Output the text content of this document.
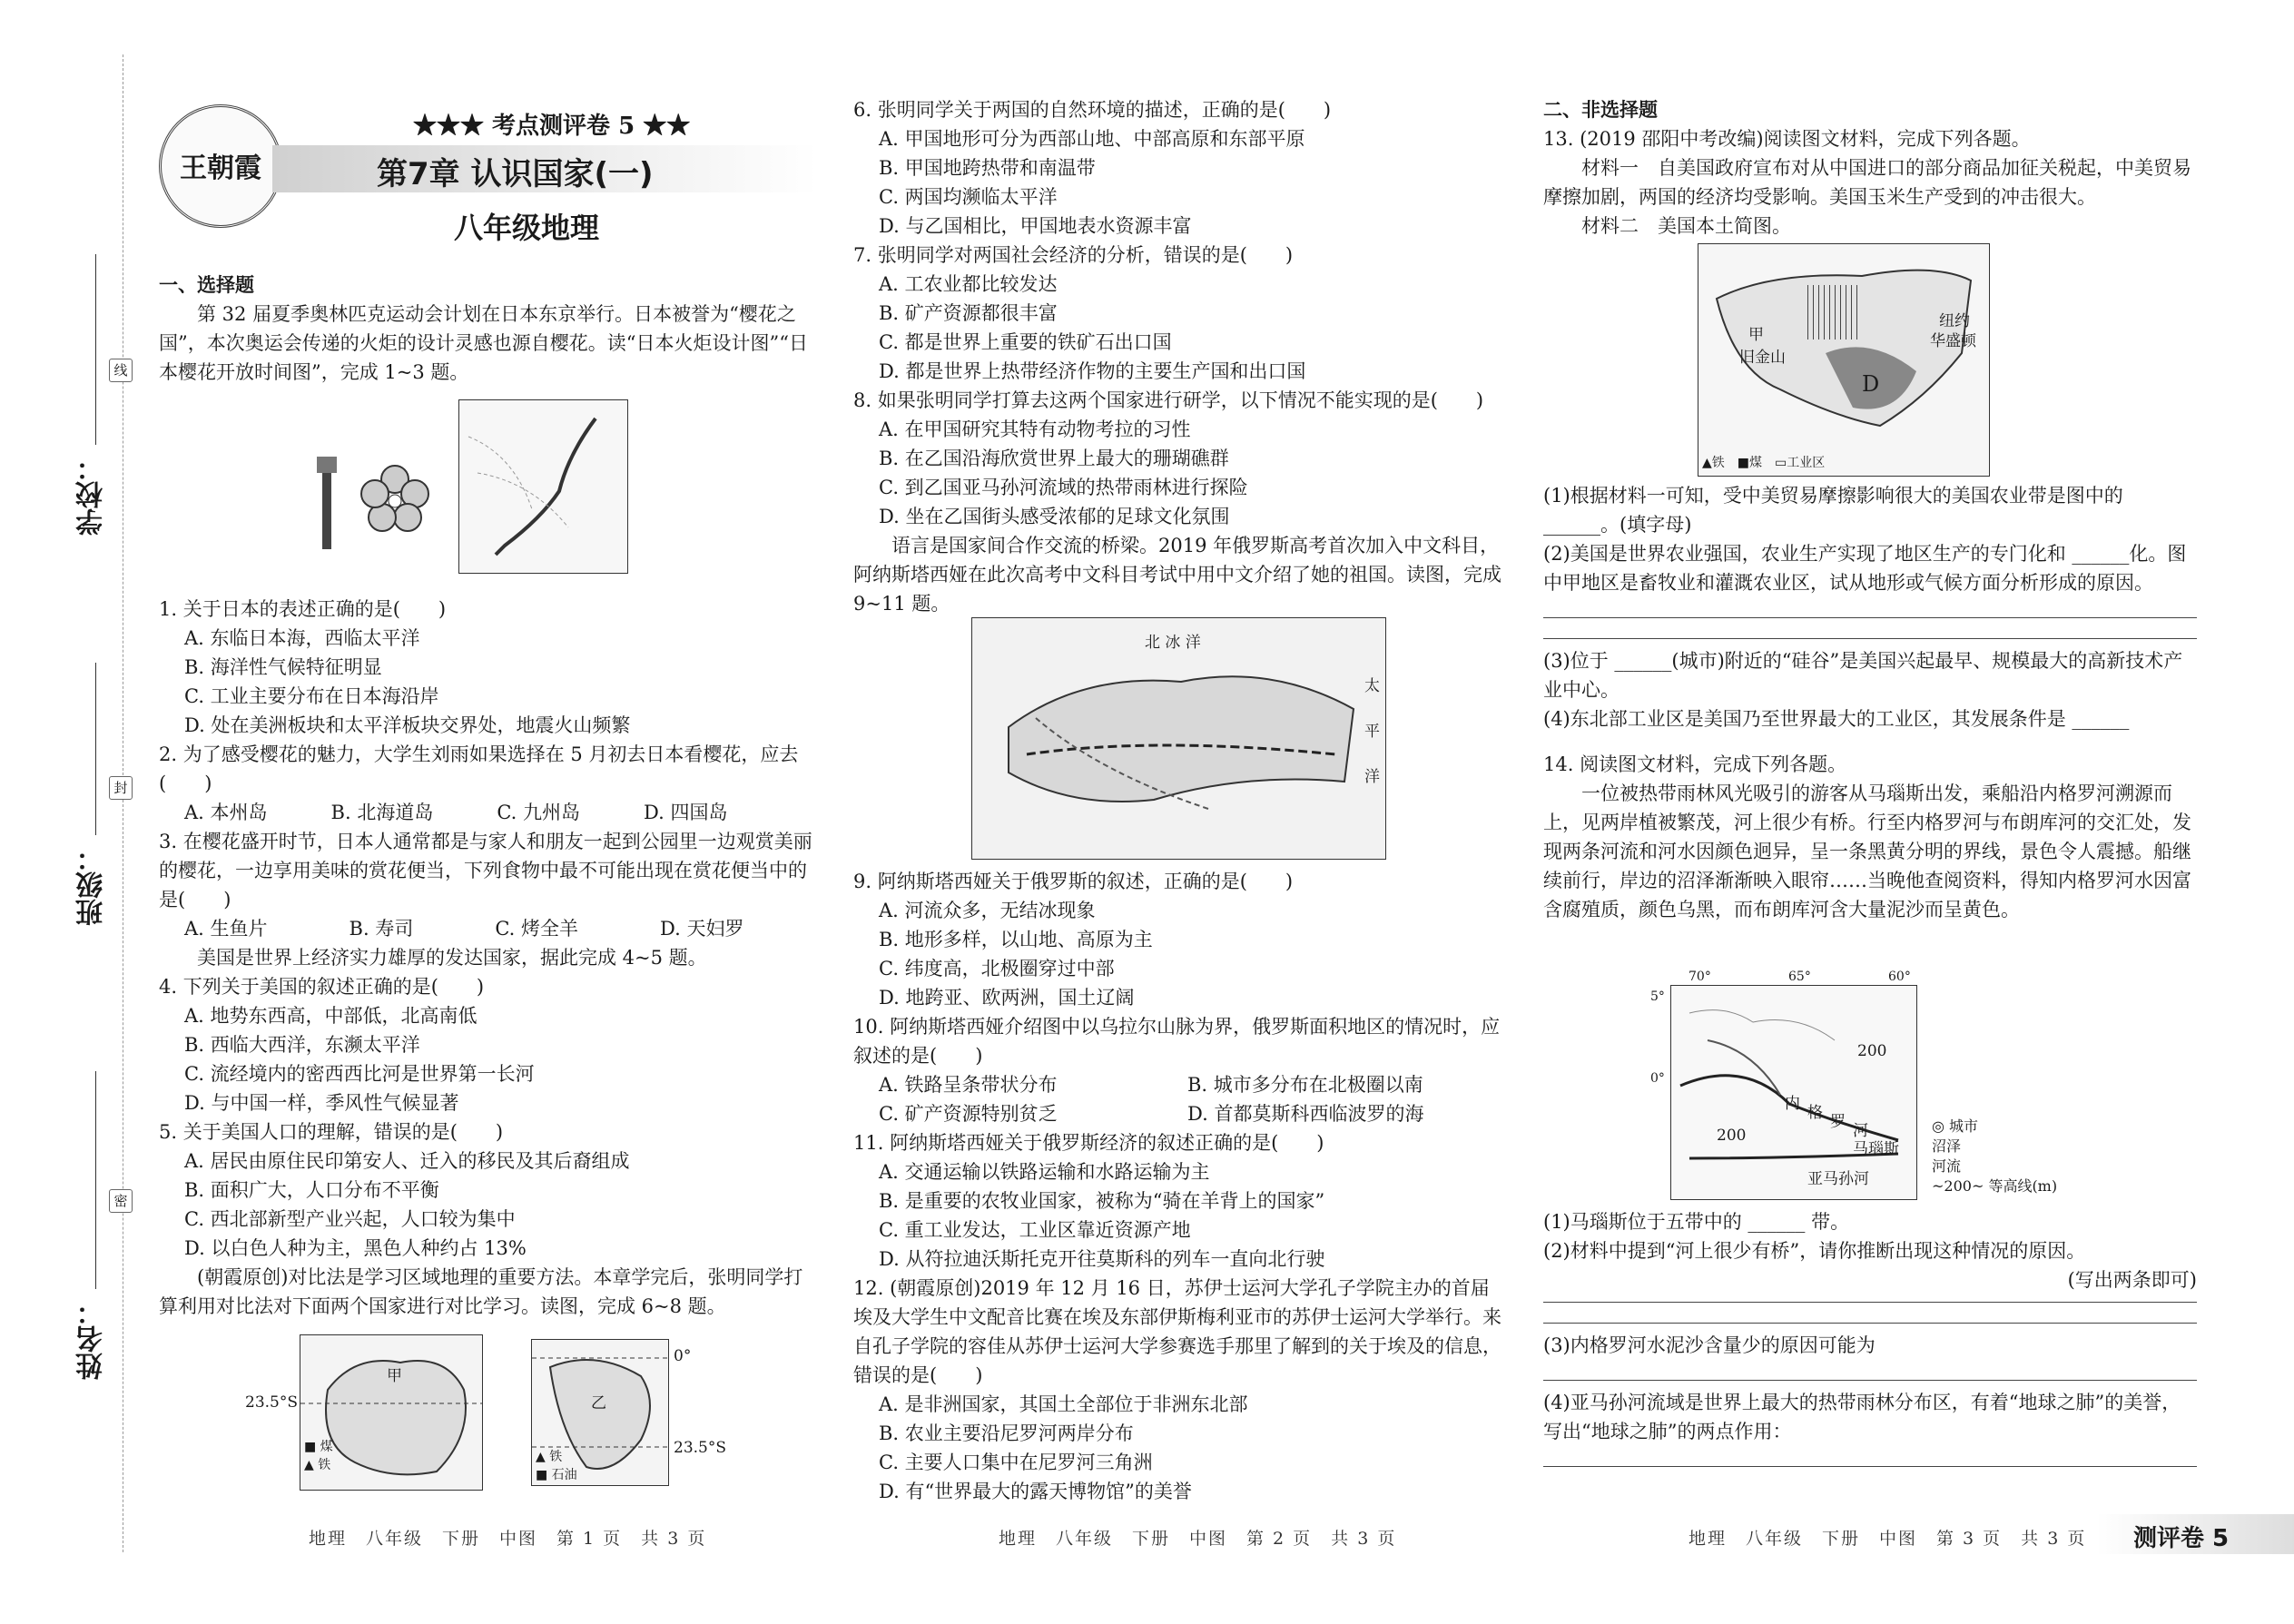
学校：
班级：
姓名：
线
封
密
王朝霞
★★★ 考点测评卷 5 ★★
第7章 认识国家(一)
八年级地理

一、选择题

第 32 届夏季奥林匹克运动会计划在日本东京举行。日本被誉为“樱花之国”，本次奥运会传递的火炬的设计灵感也源自樱花。读“日本火炬设计图”“日本樱花开放时间图”，完成 1~3 题。

1. 关于日本的表述正确的是(　　)

A. 东临日本海，西临太平洋

B. 海洋性气候特征明显

C. 工业主要分布在日本海沿岸

D. 处在美洲板块和太平洋板块交界处，地震火山频繁

2. 为了感受樱花的魅力，大学生刘雨如果选择在 5 月初去日本看樱花，应去(　　)

A. 本州岛	B. 北海道岛	C. 九州岛	D. 四国岛

3. 在樱花盛开时节，日本人通常都是与家人和朋友一起到公园里一边观赏美丽的樱花，一边享用美味的赏花便当，下列食物中最不可能出现在赏花便当中的是(　　)

A. 生鱼片	B. 寿司	C. 烤全羊	D. 天妇罗

美国是世界上经济实力雄厚的发达国家，据此完成 4~5 题。

4. 下列关于美国的叙述正确的是(　　)

A. 地势东西高，中部低，北高南低

B. 西临大西洋，东濒太平洋

C. 流经境内的密西西比河是世界第一长河

D. 与中国一样，季风性气候显著

5. 关于美国人口的理解，错误的是(　　)

A. 居民由原住民印第安人、迁入的移民及其后裔组成

B. 面积广大，人口分布不平衡

C. 西北部新型产业兴起，人口较为集中

D. 以白色人种为主，黑色人种约占 13%

(朝霞原创)对比法是学习区域地理的重要方法。本章学完后，张明同学打算利用对比法对下面两个国家进行对比学习。读图，完成 6~8 题。

甲
■ 煤
▲ 铁
23.5°S	乙
▲ 铁
■ 石油
0°
23.5°S

6. 张明同学关于两国的自然环境的描述，正确的是(　　)

A. 甲国地形可分为西部山地、中部高原和东部平原

B. 甲国地跨热带和南温带

C. 两国均濒临太平洋

D. 与乙国相比，甲国地表水资源丰富

7. 张明同学对两国社会经济的分析，错误的是(　　)

A. 工农业都比较发达

B. 矿产资源都很丰富

C. 都是世界上重要的铁矿石出口国

D. 都是世界上热带经济作物的主要生产国和出口国

8. 如果张明同学打算去这两个国家进行研学，以下情况不能实现的是(　　)

A. 在甲国研究其特有动物考拉的习性

B. 在乙国沿海欣赏世界上最大的珊瑚礁群

C. 到乙国亚马孙河流域的热带雨林进行探险

D. 坐在乙国街头感受浓郁的足球文化氛围

语言是国家间合作交流的桥梁。2019 年俄罗斯高考首次加入中文科目，阿纳斯塔西娅在此次高考中文科目考试中用中文介绍了她的祖国。读图，完成 9~11 题。

北 冰 洋
太
平
洋

9. 阿纳斯塔西娅关于俄罗斯的叙述，正确的是(　　)

A. 河流众多，无结冰现象

B. 地形多样，以山地、高原为主

C. 纬度高，北极圈穿过中部

D. 地跨亚、欧两洲，国土辽阔

10. 阿纳斯塔西娅介绍图中以乌拉尔山脉为界，俄罗斯面积地区的情况时，应叙述的是(　　)

A. 铁路呈条带状分布	B. 城市多分布在北极圈以南
C. 矿产资源特别贫乏	D. 首都莫斯科西临波罗的海

11. 阿纳斯塔西娅关于俄罗斯经济的叙述正确的是(　　)

A. 交通运输以铁路运输和水路运输为主

B. 是重要的农牧业国家，被称为“骑在羊背上的国家”

C. 重工业发达，工业区靠近资源产地

D. 从符拉迪沃斯托克开往莫斯科的列车一直向北行驶

12. (朝霞原创)2019 年 12 月 16 日，苏伊士运河大学孔子学院主办的首届埃及大学生中文配音比赛在埃及东部伊斯梅利亚市的苏伊士运河大学举行。来自孔子学院的容佳从苏伊士运河大学参赛选手那里了解到的关于埃及的信息，错误的是(　　)

A. 是非洲国家，其国土全部位于非洲东北部

B. 农业主要沿尼罗河两岸分布

C. 主要人口集中在尼罗河三角洲

D. 有“世界最大的露天博物馆”的美誉

二、非选择题

13. (2019 邵阳中考改编)阅读图文材料，完成下列各题。

材料一　自美国政府宣布对从中国进口的部分商品加征关税起，中美贸易摩擦加剧，两国的经济均受影响。美国玉米生产受到的冲击很大。

材料二　美国本土简图。

甲
旧金山
纽约
华盛顿
D
▲铁　■煤　▭工业区

(1)根据材料一可知，受中美贸易摩擦影响很大的美国农业带是图中的 ______。(填字母)

(2)美国是世界农业强国，农业生产实现了地区生产的专门化和 ______化。图中甲地区是畜牧业和灌溉农业区，试从地形或气候方面分析形成的原因。

(3)位于 ______(城市)附近的“硅谷”是美国兴起最早、规模最大的高新技术产业中心。

(4)东北部工业区是美国乃至世界最大的工业区，其发展条件是 ______

14. 阅读图文材料，完成下列各题。

一位被热带雨林风光吸引的游客从马瑙斯出发，乘船沿内格罗河溯源而上，见两岸植被繁茂，河上很少有桥。行至内格罗河与布朗库河的交汇处，发现两条河流和河水因颜色迥异，呈一条黑黄分明的界线，景色令人震撼。船继续前行，岸边的沼泽渐渐映入眼帘……当晚他查阅资料，得知内格罗河水因富含腐殖质，颜色乌黑，而布朗库河含大量泥沙而呈黄色。

内 格 罗 河
马瑙斯
亚马孙河
200
200
70°	65°	60°
5°
0°
◎ 城市
沼泽
河流
~200~ 等高线(m)

(1)马瑙斯位于五带中的 ______ 带。

(2)材料中提到“河上很少有桥”，请你推断出现这种情况的原因。

(写出两条即可)

(3)内格罗河水泥沙含量少的原因可能为

(4)亚马孙河流域是世界上最大的热带雨林分布区，有着“地球之肺”的美誉，写出“地球之肺”的两点作用：

地理　八年级　下册　中图　第 1 页　共 3 页	地理　八年级　下册　中图　第 2 页　共 3 页	地理　八年级　下册　中图　第 3 页　共 3 页 测评卷 5
